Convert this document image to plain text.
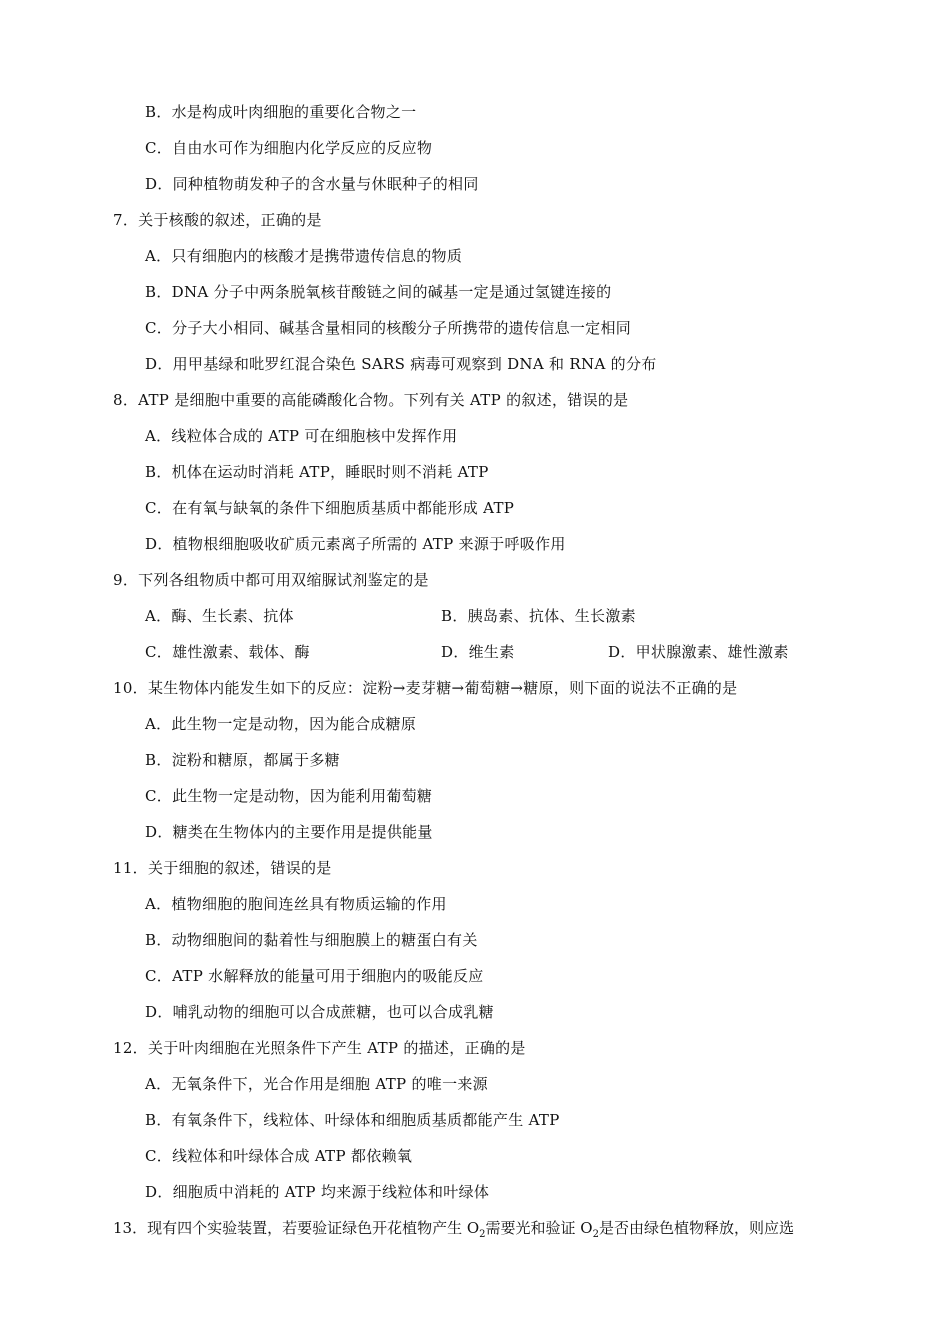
B．水是构成叶肉细胞的重要化合物之一
C．自由水可作为细胞内化学反应的反应物
D．同种植物萌发种子的含水量与休眠种子的相同
7．关于核酸的叙述，正确的是
A．只有细胞内的核酸才是携带遗传信息的物质
B．DNA 分子中两条脱氧核苷酸链之间的碱基一定是通过氢键连接的
C．分子大小相同、碱基含量相同的核酸分子所携带的遗传信息一定相同
D．用甲基绿和吡罗红混合染色 SARS 病毒可观察到 DNA 和 RNA 的分布
8．ATP 是细胞中重要的高能磷酸化合物。下列有关 ATP 的叙述，错误的是
A．线粒体合成的 ATP 可在细胞核中发挥作用
B．机体在运动时消耗 ATP，睡眠时则不消耗 ATP
C．在有氧与缺氧的条件下细胞质基质中都能形成 ATP
D．植物根细胞吸收矿质元素离子所需的 ATP 来源于呼吸作用
9．下列各组物质中都可用双缩脲试剂鉴定的是
A．酶、生长素、抗体	B．胰岛素、抗体、生长激素
C．雄性激素、载体、酶	D．维生素	D．甲状腺激素、雄性激素
10．某生物体内能发生如下的反应：淀粉→麦芽糖→葡萄糖→糖原，则下面的说法不正确的是
A．此生物一定是动物，因为能合成糖原
B．淀粉和糖原，都属于多糖
C．此生物一定是动物，因为能利用葡萄糖
D．糖类在生物体内的主要作用是提供能量
11．关于细胞的叙述，错误的是
A．植物细胞的胞间连丝具有物质运输的作用
B．动物细胞间的黏着性与细胞膜上的糖蛋白有关
C．ATP 水解释放的能量可用于细胞内的吸能反应
D．哺乳动物的细胞可以合成蔗糖，也可以合成乳糖
12．关于叶肉细胞在光照条件下产生 ATP 的描述，正确的是
A．无氧条件下，光合作用是细胞 ATP 的唯一来源
B．有氧条件下，线粒体、叶绿体和细胞质基质都能产生 ATP
C．线粒体和叶绿体合成 ATP 都依赖氧
D．细胞质中消耗的 ATP 均来源于线粒体和叶绿体
13．现有四个实验装置，若要验证绿色开花植物产生 $O_2$需要光和验证 $O_2$是否由绿色植物释放，则应选
